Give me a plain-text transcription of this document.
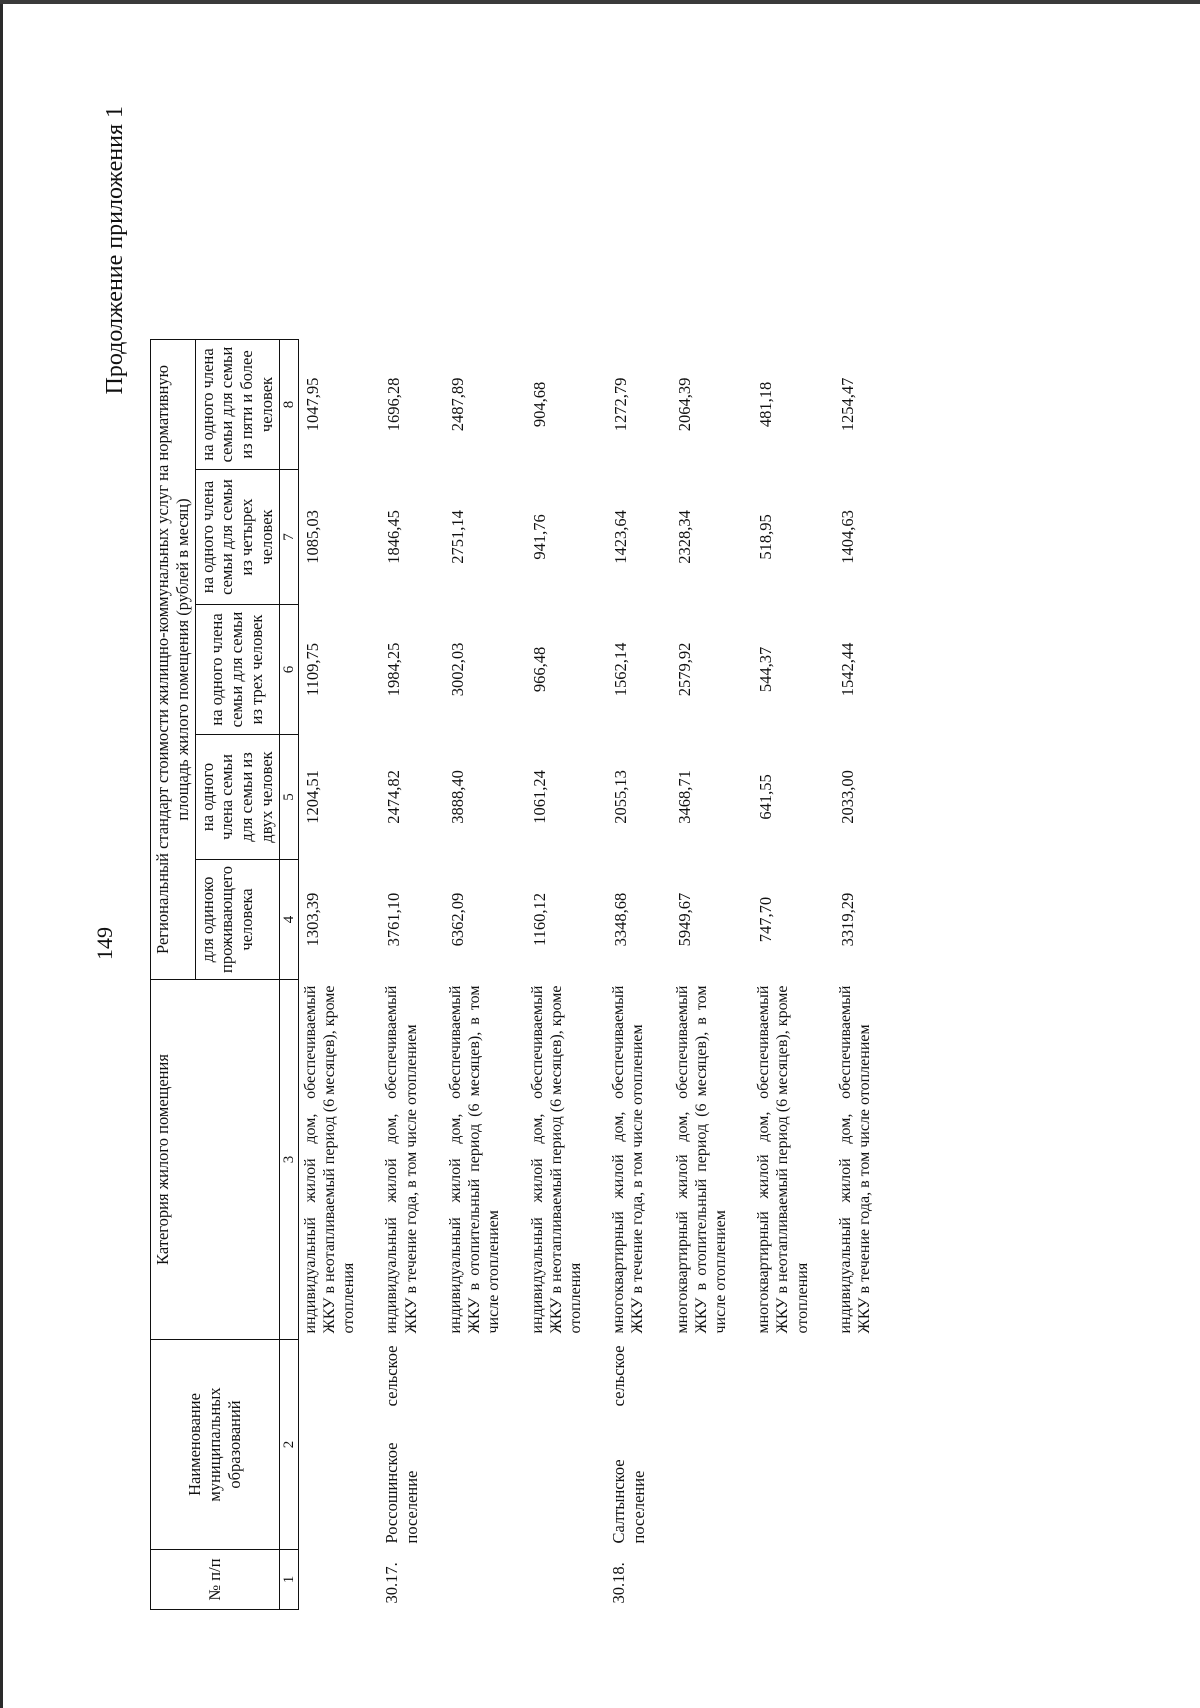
149
Продолжение приложения 1
№ п/п	Наименование муниципальных образований	Категория жилого помещения	Региональный стандарт стоимости жилищно-коммунальных услуг на нормативную площадь жилого помещения (рублей в месяц)				
			для одиноко проживающего человека	на одного члена семьи для семьи из двух человек	на одного члена семьи для семьи из трех человек	на одного члена семьи для семьи из четырех человек	на одного члена семьи для семьи из пяти и более человек
1	2	3	4	5	6	7	8
		индивидуальный жилой дом, обеспечиваемый ЖКУ в неотапливаемый период (6 месяцев), кроме отопления	1303,39	1204,51	1109,75	1085,03	1047,95
30.17.	Россошинское сельское поселение	индивидуальный жилой дом, обеспечиваемый ЖКУ в течение года, в том числе отоплением	3761,10	2474,82	1984,25	1846,45	1696,28
		индивидуальный жилой дом, обеспечиваемый ЖКУ в отопительный период (6 месяцев), в том числе отоплением	6362,09	3888,40	3002,03	2751,14	2487,89
		индивидуальный жилой дом, обеспечиваемый ЖКУ в неотапливаемый период (6 месяцев), кроме отопления	1160,12	1061,24	966,48	941,76	904,68
30.18.	Салтынское сельское поселение	многоквартирный жилой дом, обеспечиваемый ЖКУ в течение года, в том числе отоплением	3348,68	2055,13	1562,14	1423,64	1272,79
		многоквартирный жилой дом, обеспечиваемый ЖКУ в отопительный период (6 месяцев), в том числе отоплением	5949,67	3468,71	2579,92	2328,34	2064,39
		многоквартирный жилой дом, обеспечиваемый ЖКУ в неотапливаемый период (6 месяцев), кроме отопления	747,70	641,55	544,37	518,95	481,18
		индивидуальный жилой дом, обеспечиваемый ЖКУ в течение года, в том числе отоплением	3319,29	2033,00	1542,44	1404,63	1254,47
